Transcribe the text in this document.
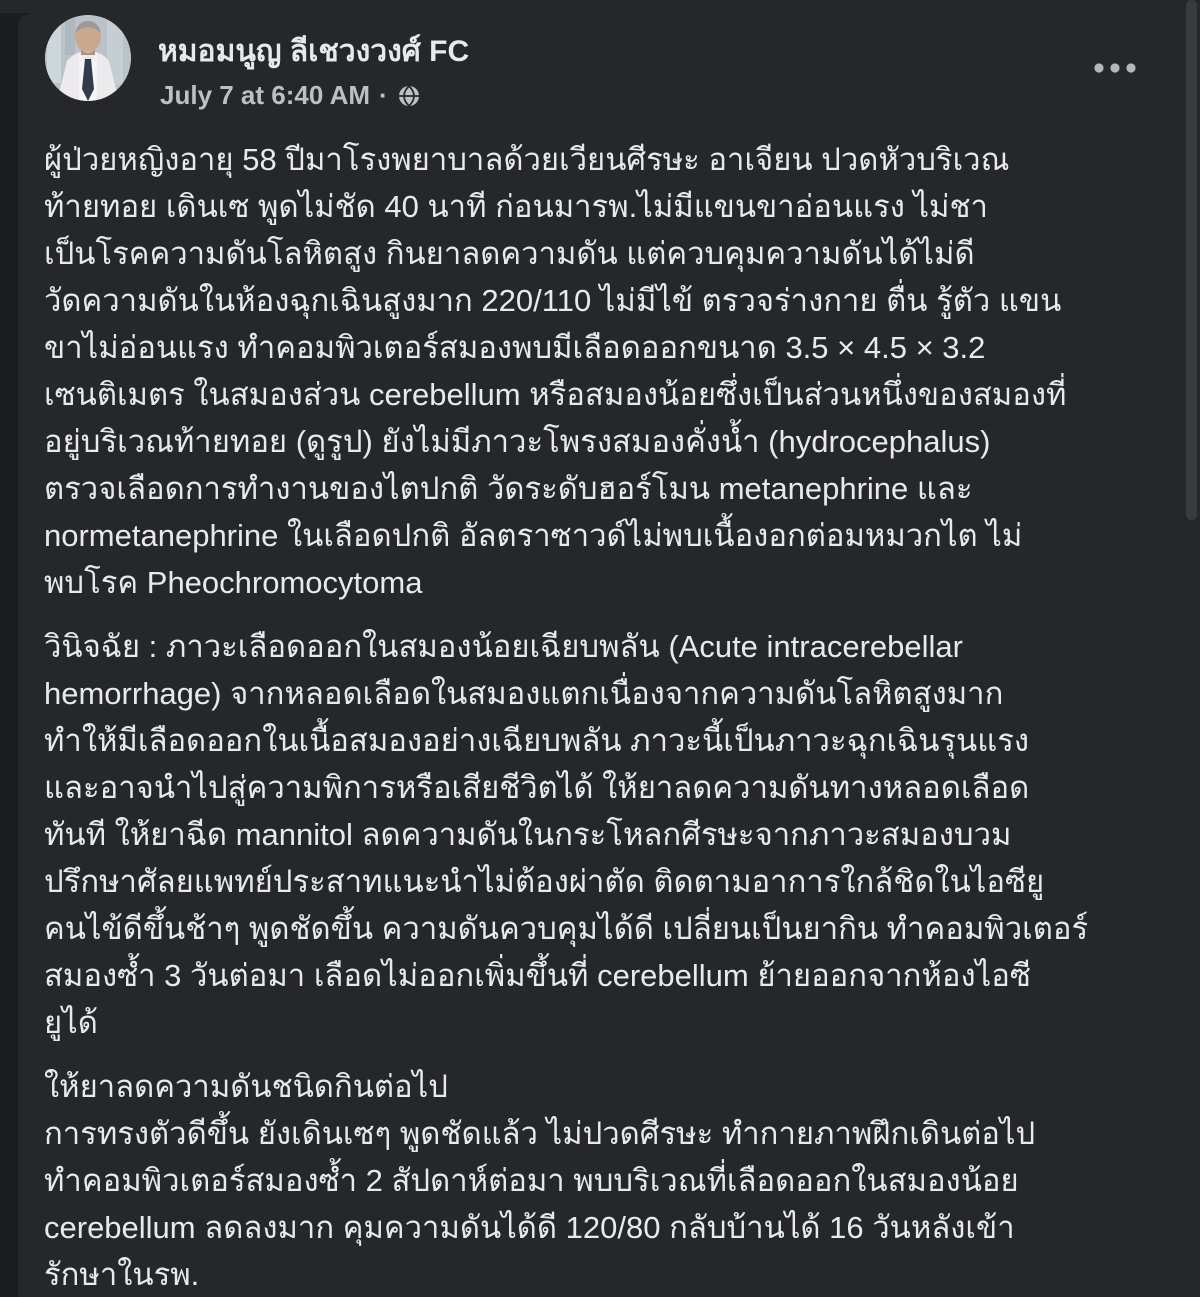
หมอมนูญ ลีเชวงวงศ์ FC
July 7 at 6:40 AM ·
ผู้ป่วยหญิงอายุ 58 ปีมาโรงพยาบาลด้วยเวียนศีรษะ อาเจียน ปวดหัวบริเวณ
ท้ายทอย เดินเซ พูดไม่ชัด 40 นาที ก่อนมารพ.ไม่มีแขนขาอ่อนแรง ไม่ชา
เป็นโรคความดันโลหิตสูง กินยาลดความดัน แต่ควบคุมความดันได้ไม่ดี
วัดความดันในห้องฉุกเฉินสูงมาก 220/110 ไม่มีไข้ ตรวจร่างกาย ตื่น รู้ตัว แขน
ขาไม่อ่อนแรง ทำคอมพิวเตอร์สมองพบมีเลือดออกขนาด 3.5 × 4.5 × 3.2
เซนติเมตร ในสมองส่วน cerebellum หรือสมองน้อยซึ่งเป็นส่วนหนึ่งของสมองที่
อยู่บริเวณท้ายทอย (ดูรูป) ยังไม่มีภาวะโพรงสมองคั่งน้ำ (hydrocephalus)
ตรวจเลือดการทำงานของไตปกติ วัดระดับฮอร์โมน metanephrine และ
normetanephrine ในเลือดปกติ อัลตราซาวด์ไม่พบเนื้องอกต่อมหมวกไต ไม่
พบโรค Pheochromocytoma
วินิจฉัย : ภาวะเลือดออกในสมองน้อยเฉียบพลัน (Acute intracerebellar
hemorrhage) จากหลอดเลือดในสมองแตกเนื่องจากความดันโลหิตสูงมาก
ทำให้มีเลือดออกในเนื้อสมองอย่างเฉียบพลัน ภาวะนี้เป็นภาวะฉุกเฉินรุนแรง
และอาจนำไปสู่ความพิการหรือเสียชีวิตได้ ให้ยาลดความดันทางหลอดเลือด
ทันที ให้ยาฉีด mannitol ลดความดันในกระโหลกศีรษะจากภาวะสมองบวม
ปรึกษาศัลยแพทย์ประสาทแนะนำไม่ต้องผ่าตัด ติดตามอาการใกล้ชิดในไอซียู
คนไข้ดีขึ้นช้าๆ พูดชัดขึ้น ความดันควบคุมได้ดี เปลี่ยนเป็นยากิน ทำคอมพิวเตอร์
สมองซ้ำ 3 วันต่อมา เลือดไม่ออกเพิ่มขึ้นที่ cerebellum ย้ายออกจากห้องไอซี
ยูได้
ให้ยาลดความดันชนิดกินต่อไป
การทรงตัวดีขึ้น ยังเดินเซๆ พูดชัดแล้ว ไม่ปวดศีรษะ ทำกายภาพฝึกเดินต่อไป
ทำคอมพิวเตอร์สมองซ้ำ 2 สัปดาห์ต่อมา พบบริเวณที่เลือดออกในสมองน้อย
cerebellum ลดลงมาก คุมความดันได้ดี 120/80 กลับบ้านได้ 16 วันหลังเข้า
รักษาในรพ.
